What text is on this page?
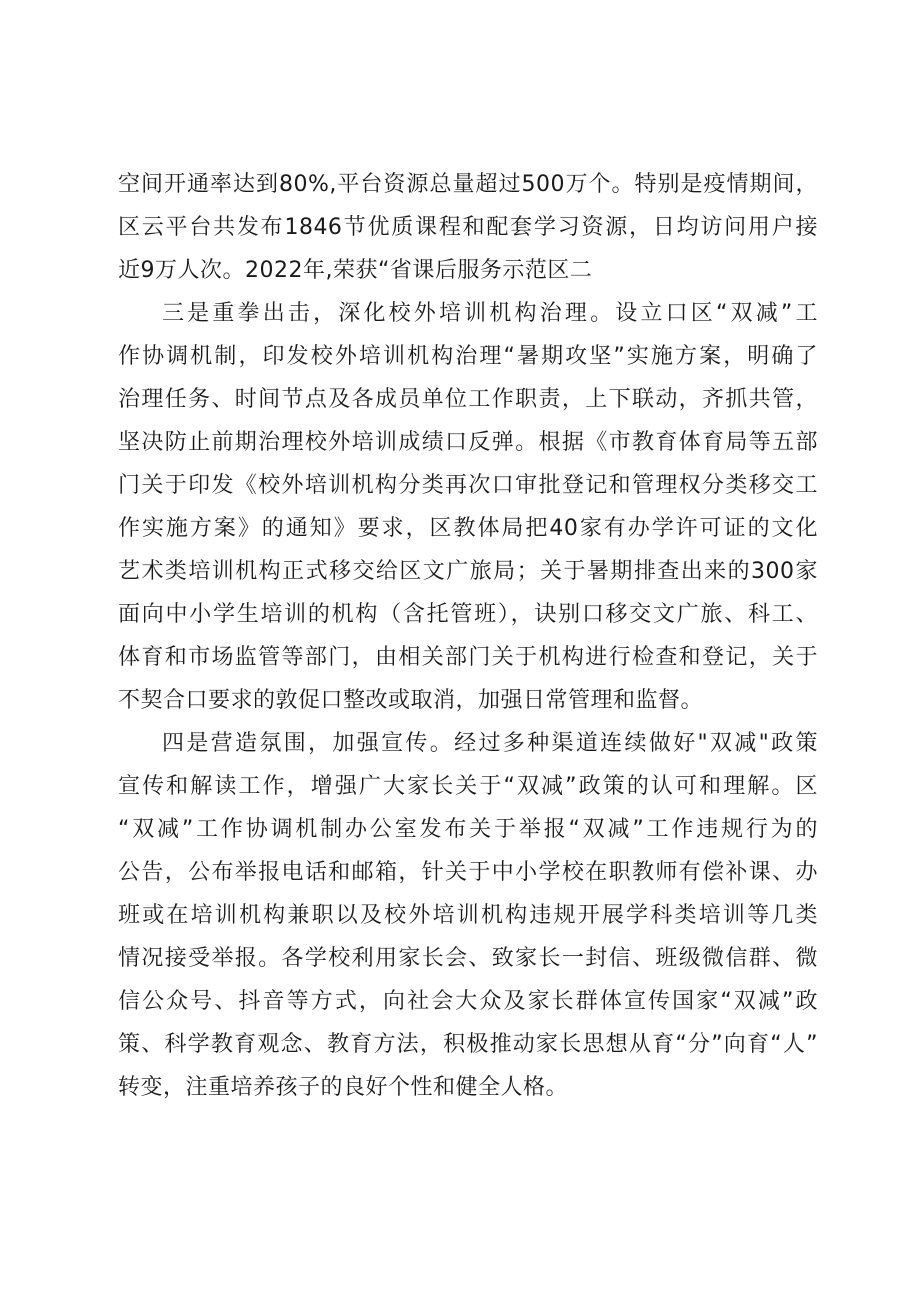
空间开通率达到80%,平台资源总量超过500万个。特别是疫情期间，
区云平台共发布1846节优质课程和配套学习资源，日均访问用户接
近9万人次。2022年,荣获“省课后服务示范区二
三是重拳出击，深化校外培训机构治理。设立口区“双减”工
作协调机制，印发校外培训机构治理“暑期攻坚”实施方案，明确了
治理任务、时间节点及各成员单位工作职责，上下联动，齐抓共管，
坚决防止前期治理校外培训成绩口反弹。根据《市教育体育局等五部
门关于印发《校外培训机构分类再次口审批登记和管理权分类移交工
作实施方案》的通知》要求，区教体局把40家有办学许可证的文化
艺术类培训机构正式移交给区文广旅局；关于暑期排查出来的300家
面向中小学生培训的机构（含托管班），诀别口移交文广旅、科工、
体育和市场监管等部门，由相关部门关于机构进行检查和登记，关于
不契合口要求的敦促口整改或取消，加强日常管理和监督。
四是营造氛围，加强宣传。经过多种渠道连续做好"双减"政策
宣传和解读工作，增强广大家长关于“双减”政策的认可和理解。区
“双减”工作协调机制办公室发布关于举报“双减”工作违规行为的
公告，公布举报电话和邮箱，针关于中小学校在职教师有偿补课、办
班或在培训机构兼职以及校外培训机构违规开展学科类培训等几类
情况接受举报。各学校利用家长会、致家长一封信、班级微信群、微
信公众号、抖音等方式，向社会大众及家长群体宣传国家“双减”政
策、科学教育观念、教育方法，积极推动家长思想从育“分”向育“人”
转变，注重培养孩子的良好个性和健全人格。
